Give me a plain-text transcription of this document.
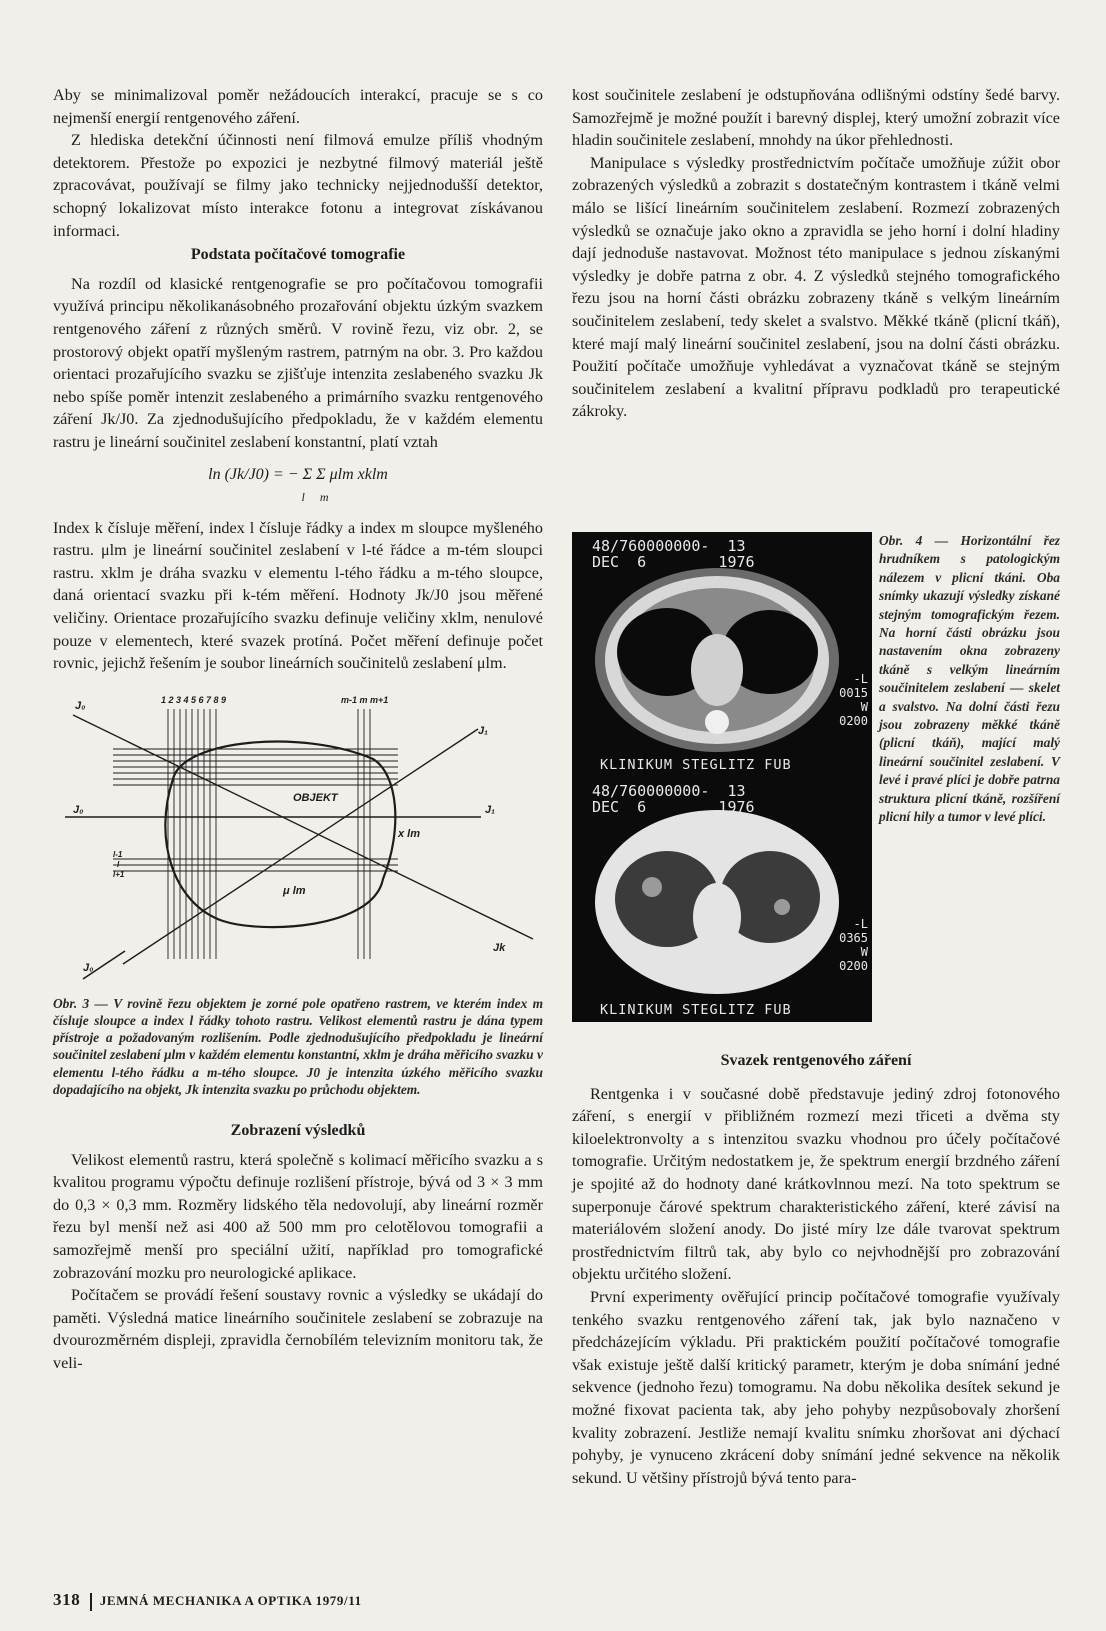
Aby se minimalizoval poměr nežádoucích interakcí, pracuje se s co nejmenší energií rentgenového záření.

Z hlediska detekční účinnosti není filmová emulze příliš vhodným detektorem. Přestože po expozici je nezbytné filmový materiál ještě zpracovávat, používají se filmy jako technicky nejjednodušší detektor, schopný lokalizovat místo interakce fotonu a integrovat získávanou informaci.

Podstata počítačové tomografie

Na rozdíl od klasické rentgenografie se pro počítačovou tomografii využívá principu několikanásobného prozařování objektu úzkým svazkem rentgenového záření z různých směrů. V rovině řezu, viz obr. 2, se prostorový objekt opatří myšleným rastrem, patrným na obr. 3. Pro každou orientaci prozařujícího svazku se zjišťuje intenzita zeslabeného svazku Jk nebo spíše poměr intenzit zeslabeného a primárního svazku rentgenového záření Jk/J0. Za zjednodušujícího předpokladu, že v každém elementu rastru je lineární součinitel zeslabení konstantní, platí vztah

ln (Jk/J0) = − Σ Σ μlm xklm
l m

Index k čísluje měření, index l čísluje řádky a index m sloupce myšleného rastru. μlm je lineární součinitel zeslabení v l-té řádce a m-tém sloupci rastru. xklm je dráha svazku v elementu l-tého řádku a m-tého sloupce, daná orientací svazku při k-tém měření. Hodnoty Jk/J0 jsou měřené veličiny. Orientace prozařujícího svazku definuje veličiny xklm, nenulové pouze v elementech, které svazek protíná. Počet měření definuje počet rovnic, jejichž řešením je soubor lineárních součinitelů zeslabení μlm.

J₀	1 2 3 4 5 6 7 8 9	m-1 m m+1
J₁
J₀	J₁
OBJEKT
x lm
l-1
l
l+1
μ lm
J₀
Jk
Obr. 3 — V rovině řezu objektem je zorné pole opatřeno rastrem, ve kterém index m čísluje sloupce a index l řádky tohoto rastru. Velikost elementů rastru je dána typem přístroje a požadovaným rozlišením. Podle zjednodušujícího předpokladu je lineární součinitel zeslabení μlm v každém elementu konstantní, xklm je dráha měřicího svazku v elementu l-tého řádku a m-tého sloupce. J0 je intenzita úzkého měřicího svazku dopadajícího na objekt, Jk intenzita svazku po průchodu objektem.
Zobrazení výsledků

Velikost elementů rastru, která společně s kolimací měřicího svazku a s kvalitou programu výpočtu definuje rozlišení přístroje, bývá od 3 × 3 mm do 0,3 × 0,3 mm. Rozměry lidského těla nedovolují, aby lineární rozměr řezu byl menší než asi 400 až 500 mm pro celotělovou tomografii a samozřejmě menší pro speciální užití, například pro tomografické zobrazování mozku pro neurologické aplikace.

Počítačem se provádí řešení soustavy rovnic a výsledky se ukádají do paměti. Výsledná matice lineárního součinitele zeslabení se zobrazuje na dvourozměrném displeji, zpravidla černobílém televizním monitoru tak, že veli-

kost součinitele zeslabení je odstupňována odlišnými odstíny šedé barvy. Samozřejmě je možné použít i barevný displej, který umožní zobrazit více hladin součinitele zeslabení, mnohdy na úkor přehlednosti.

Manipulace s výsledky prostřednictvím počítače umožňuje zúžit obor zobrazených výsledků a zobrazit s dostatečným kontrastem i tkáně velmi málo se lišící lineárním součinitelem zeslabení. Rozmezí zobrazených výsledků se označuje jako okno a zpravidla se jeho horní i dolní hladiny dají jednoduše nastavovat. Možnost této manipulace s jednou získanými výsledky je dobře patrna z obr. 4. Z výsledků stejného tomografického řezu jsou na horní části obrázku zobrazeny tkáně s velkým lineárním součinitelem zeslabení, tedy skelet a svalstvo. Měkké tkáně (plicní tkáň), které mají malý lineární součinitel zeslabení, jsou na dolní části obrázku. Použití počítače umožňuje vyhledávat a vyznačovat tkáně se stejným součinitelem zeslabení a kvalitní přípravu podkladů pro terapeutické zákroky.

48/760000000-  13
DEC  6        1976
-L
0015
W
0200
KLINIKUM STEGLITZ FUB
48/760000000-  13
DEC  6        1976
-L
0365
W
0200
KLINIKUM STEGLITZ FUB
Obr. 4 — Horizontální řez hrudníkem s patologickým nálezem v plicní tkáni. Oba snímky ukazují výsledky získané stejným tomografickým řezem. Na horní části obrázku jsou nastavením okna zobrazeny tkáně s velkým lineárním součinitelem zeslabení — skelet a svalstvo. Na dolní části řezu jsou zobrazeny měkké tkáně (plicní tkáň), mající malý lineární součinitel zeslabení. V levé i pravé plíci je dobře patrna struktura plicní tkáně, rozšíření plicní hily a tumor v levé plíci.
Svazek rentgenového záření

Rentgenka i v současné době představuje jediný zdroj fotonového záření, s energií v přibližném rozmezí mezi třiceti a dvěma sty kiloelektronvolty a s intenzitou svazku vhodnou pro účely počítačové tomografie. Určitým nedostatkem je, že spektrum energií brzdného záření je spojité až do hodnoty dané krátkovlnnou mezí. Na toto spektrum se superponuje čárové spektrum charakteristického záření, které závisí na materiálovém složení anody. Do jisté míry lze dále tvarovat spektrum prostřednictvím filtrů tak, aby bylo co nejvhodnější pro zobrazování objektu určitého složení.

První experimenty ověřující princip počítačové tomografie využívaly tenkého svazku rentgenového záření tak, jak bylo naznačeno v předcházejícím výkladu. Při praktickém použití počítačové tomografie však existuje ještě další kritický parametr, kterým je doba snímání jedné sekvence (jednoho řezu) tomogramu. Na dobu několika desítek sekund je možné fixovat pacienta tak, aby jeho pohyby nezpůsobovaly zhoršení kvality zobrazení. Jestliže nemají kvalitu snímku zhoršovat ani dýchací pohyby, je vynuceno zkrácení doby snímání jedné sekvence na několik sekund. U většiny přístrojů bývá tento para-

318 JEMNÁ MECHANIKA A OPTIKA 1979/11
